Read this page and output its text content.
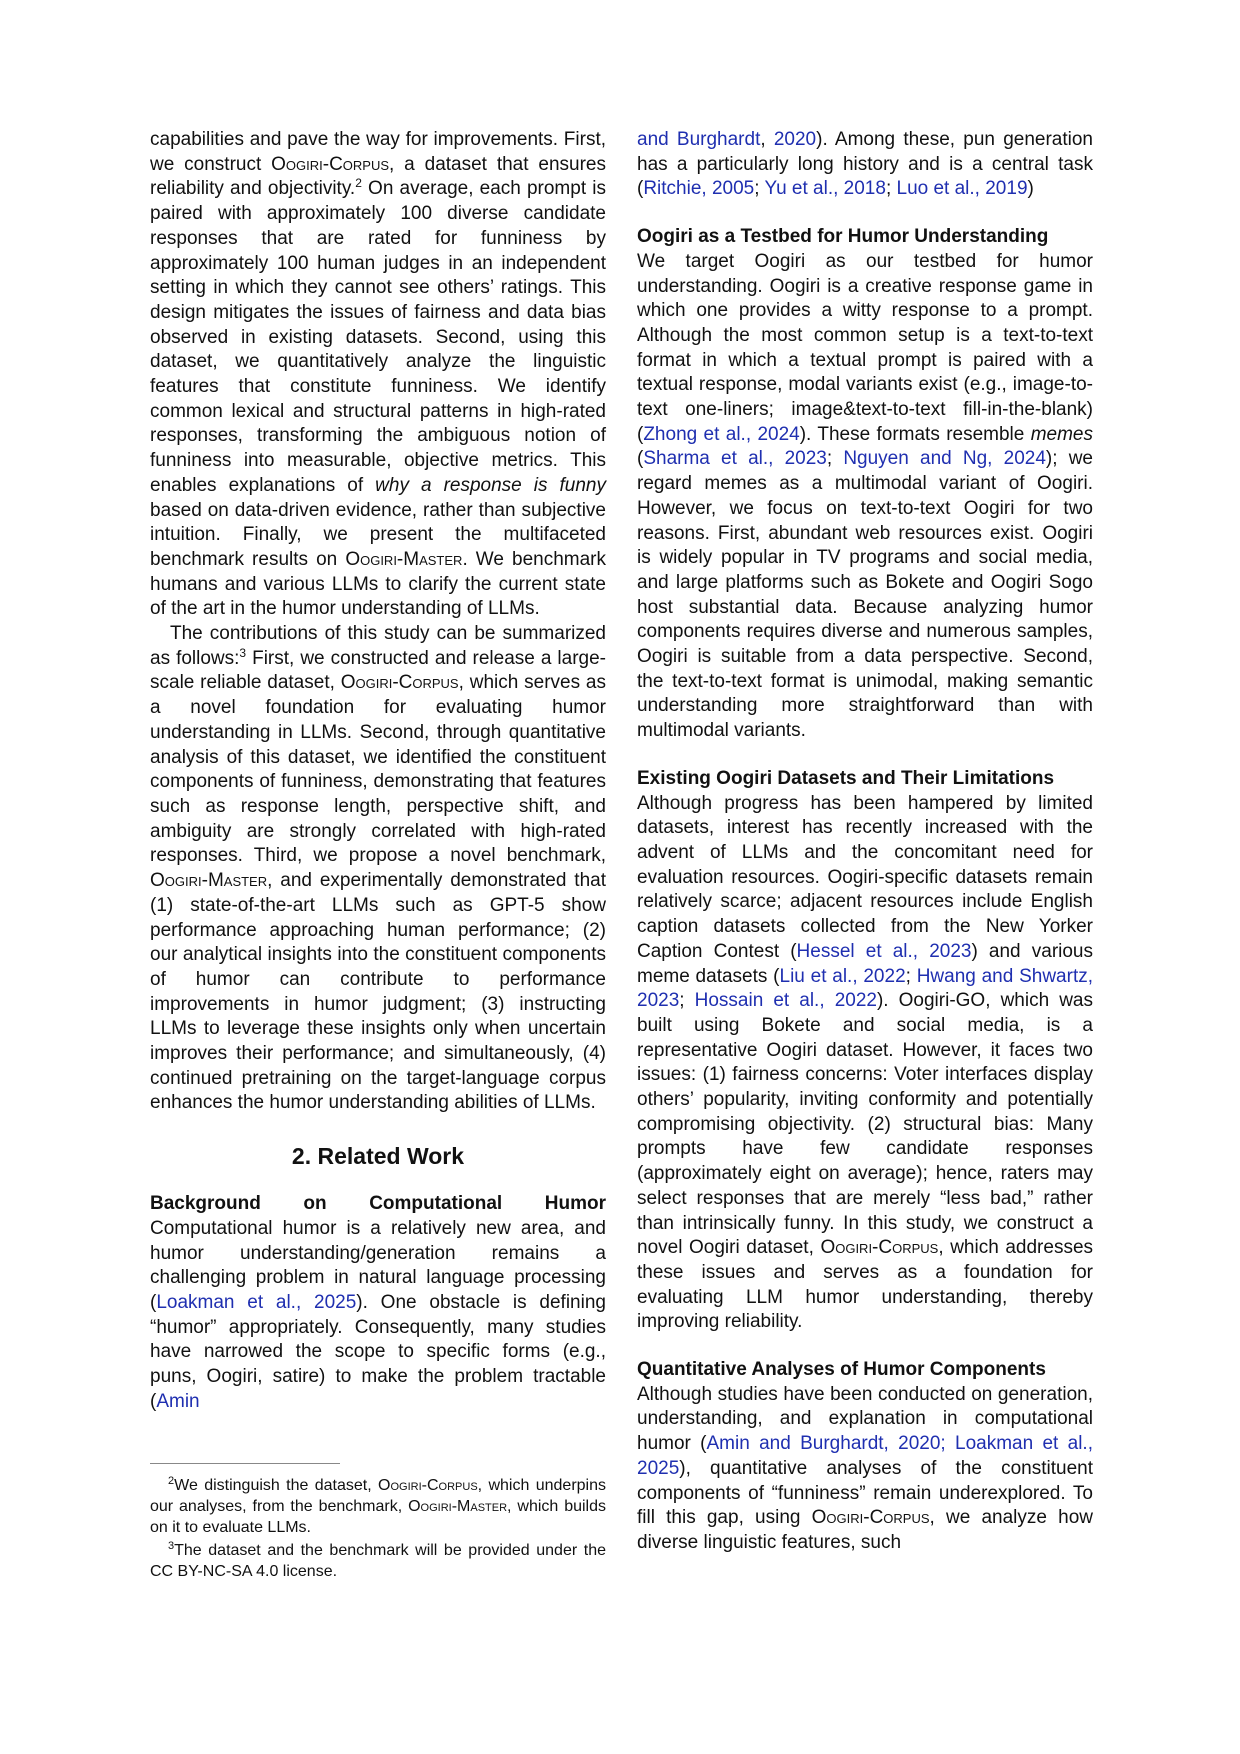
capabilities and pave the way for improvements. First, we construct Oogiri-Corpus, a dataset that ensures reliability and objectivity.$^2$ On average, each prompt is paired with approximately 100 diverse candidate responses that are rated for funniness by approximately 100 human judges in an independent setting in which they cannot see others’ ratings. This design mitigates the issues of fairness and data bias observed in existing datasets. Second, using this dataset, we quantitatively analyze the linguistic features that constitute funniness. We identify common lexical and structural patterns in high-rated responses, transforming the ambiguous notion of funniness into measurable, objective metrics. This enables explanations of why a response is funny based on data-driven evidence, rather than subjective intuition. Finally, we present the multifaceted benchmark results on Oogiri-Master. We benchmark humans and various LLMs to clarify the current state of the art in the humor understanding of LLMs.

The contributions of this study can be summarized as follows:$^3$ First, we constructed and release a large-scale reliable dataset, Oogiri-Corpus, which serves as a novel foundation for evaluating humor understanding in LLMs. Second, through quantitative analysis of this dataset, we identified the constituent components of funniness, demonstrating that features such as response length, perspective shift, and ambiguity are strongly correlated with high-rated responses. Third, we propose a novel benchmark, Oogiri-Master, and experimentally demonstrated that (1) state-of-the-art LLMs such as GPT-5 show performance approaching human performance; (2) our analytical insights into the constituent components of humor can contribute to performance improvements in humor judgment; (3) instructing LLMs to leverage these insights only when uncertain improves their performance; and simultaneously, (4) continued pretraining on the target-language corpus enhances the humor understanding abilities of LLMs.

2. Related Work

Background on Computational Humor Computational humor is a relatively new area, and humor understanding/generation remains a challenging problem in natural language processing (Loakman et al., 2025). One obstacle is defining “humor” appropriately. Consequently, many studies have narrowed the scope to specific forms (e.g., puns, Oogiri, satire) to make the problem tractable (Amin

$^2$We distinguish the dataset, Oogiri-Corpus, which underpins our analyses, from the benchmark, Oogiri-Master, which builds on it to evaluate LLMs.

$^3$The dataset and the benchmark will be provided under the CC BY-NC-SA 4.0 license.

and Burghardt, 2020). Among these, pun generation has a particularly long history and is a central task (Ritchie, 2005; Yu et al., 2018; Luo et al., 2019)

Oogiri as a Testbed for Humor Understanding

We target Oogiri as our testbed for humor understanding. Oogiri is a creative response game in which one provides a witty response to a prompt. Although the most common setup is a text-to-text format in which a textual prompt is paired with a textual response, modal variants exist (e.g., image-to-text one-liners; image&text-to-text fill-in-the-blank) (Zhong et al., 2024). These formats resemble memes (Sharma et al., 2023; Nguyen and Ng, 2024); we regard memes as a multimodal variant of Oogiri. However, we focus on text-to-text Oogiri for two reasons. First, abundant web resources exist. Oogiri is widely popular in TV programs and social media, and large platforms such as Bokete and Oogiri Sogo host substantial data. Because analyzing humor components requires diverse and numerous samples, Oogiri is suitable from a data perspective. Second, the text-to-text format is unimodal, making semantic understanding more straightforward than with multimodal variants.

Existing Oogiri Datasets and Their Limitations

Although progress has been hampered by limited datasets, interest has recently increased with the advent of LLMs and the concomitant need for evaluation resources. Oogiri-specific datasets remain relatively scarce; adjacent resources include English caption datasets collected from the New Yorker Caption Contest (Hessel et al., 2023) and various meme datasets (Liu et al., 2022; Hwang and Shwartz, 2023; Hossain et al., 2022). Oogiri-GO, which was built using Bokete and social media, is a representative Oogiri dataset. However, it faces two issues: (1) fairness concerns: Voter interfaces display others’ popularity, inviting conformity and potentially compromising objectivity. (2) structural bias: Many prompts have few candidate responses (approximately eight on average); hence, raters may select responses that are merely “less bad,” rather than intrinsically funny. In this study, we construct a novel Oogiri dataset, Oogiri-Corpus, which addresses these issues and serves as a foundation for evaluating LLM humor understanding, thereby improving reliability.

Quantitative Analyses of Humor Components

Although studies have been conducted on generation, understanding, and explanation in computational humor (Amin and Burghardt, 2020; Loakman et al., 2025), quantitative analyses of the constituent components of “funniness” remain underexplored. To fill this gap, using Oogiri-Corpus, we analyze how diverse linguistic features, such
